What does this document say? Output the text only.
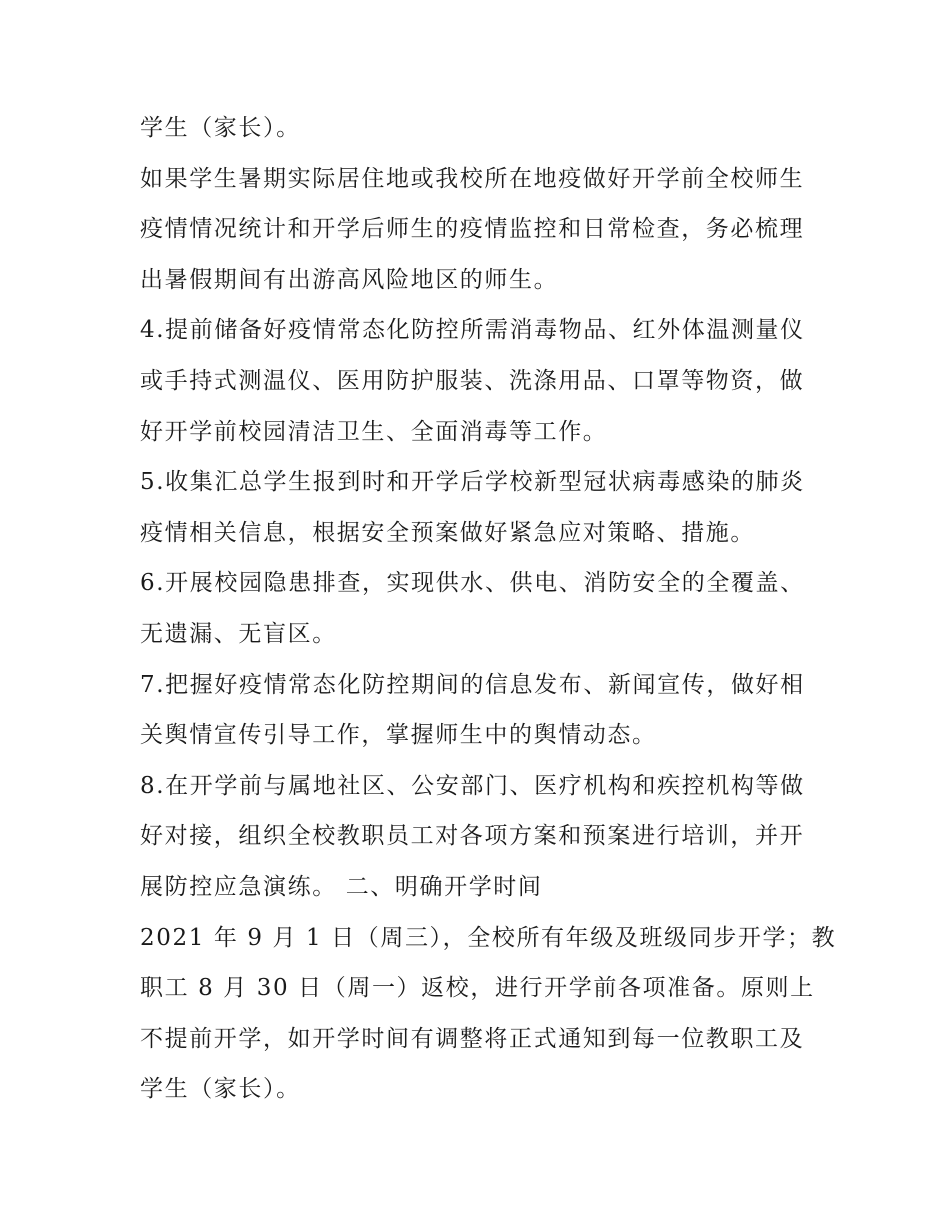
学生（家长）。
如果学生暑期实际居住地或我校所在地疫做好开学前全校师生
疫情情况统计和开学后师生的疫情监控和日常检查，务必梳理
出暑假期间有出游高风险地区的师生。
4.提前储备好疫情常态化防控所需消毒物品、红外体温测量仪
或手持式测温仪、医用防护服装、洗涤用品、口罩等物资，做
好开学前校园清洁卫生、全面消毒等工作。
5.收集汇总学生报到时和开学后学校新型冠状病毒感染的肺炎
疫情相关信息，根据安全预案做好紧急应对策略、措施。
6.开展校园隐患排查，实现供水、供电、消防安全的全覆盖、
无遗漏、无盲区。
7.把握好疫情常态化防控期间的信息发布、新闻宣传，做好相
关舆情宣传引导工作，掌握师生中的舆情动态。
8.在开学前与属地社区、公安部门、医疗机构和疾控机构等做
好对接，组织全校教职员工对各项方案和预案进行培训，并开
展防控应急演练。 二、明确开学时间
2021 年 9 月 1 日（周三），全校所有年级及班级同步开学；教
职工 8 月 30 日（周一）返校，进行开学前各项准备。原则上
不提前开学，如开学时间有调整将正式通知到每一位教职工及
学生（家长）。
